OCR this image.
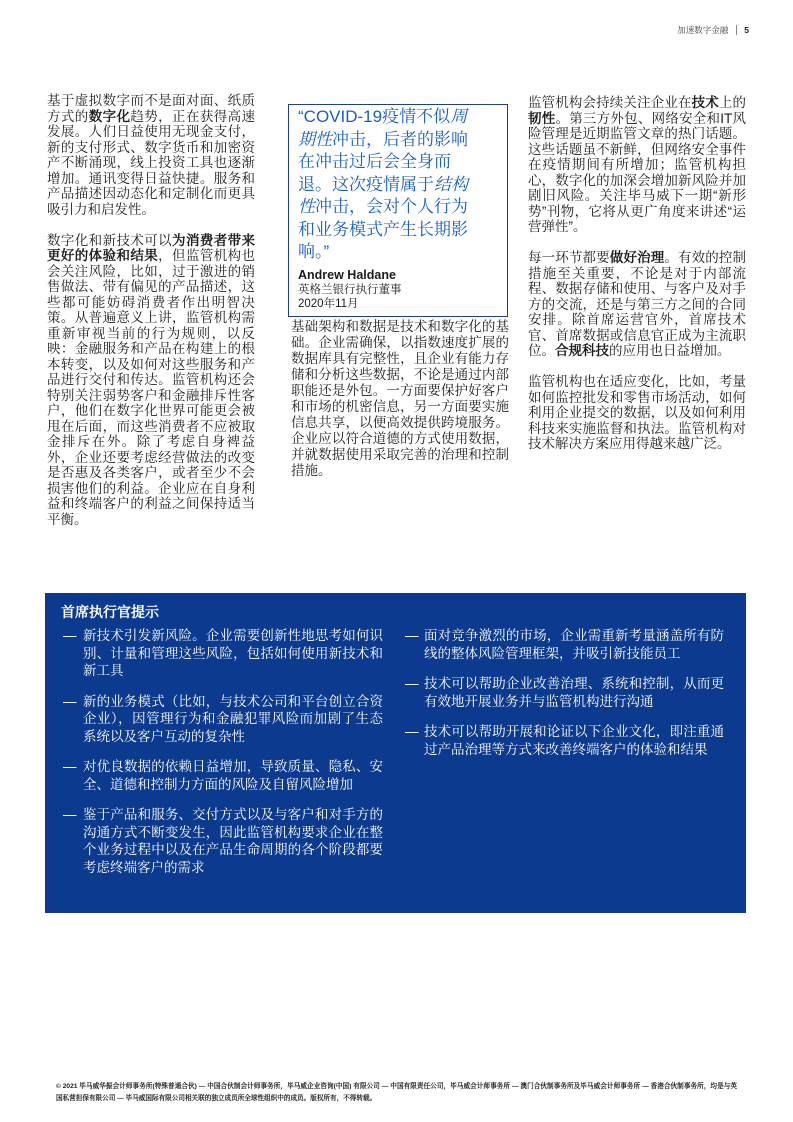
加速数字金融 5

基于虚拟数字而不是面对面、纸质方式的数字化趋势，正在获得高速发展。人们日益使用无现金支付，新的支付形式、数字货币和加密资产不断涌现，线上投资工具也逐渐增加。通讯变得日益快捷。服务和产品描述因动态化和定制化而更具吸引力和启发性。

数字化和新技术可以为消费者带来更好的体验和结果，但监管机构也会关注风险，比如，过于激进的销售做法、带有偏见的产品描述，这些都可能妨碍消费者作出明智决策。从普遍意义上讲，监管机构需重新审视当前的行为规则，以反映：金融服务和产品在构建上的根本转变，以及如何对这些服务和产品进行交付和传达。监管机构还会特别关注弱势客户和金融排斥性客户，他们在数字化世界可能更会被甩在后面，而这些消费者不应被取金排斥在外。除了考虑自身裨益外，企业还要考虑经营做法的改变是否惠及各类客户，或者至少不会损害他们的利益。企业应在自身利益和终端客户的利益之间保持适当平衡。

“COVID-19疫情不似周期性冲击，后者的影响在冲击过后会全身而退。这次疫情属于结构性冲击，会对个人行为和业务模式产生长期影响。”
Andrew Haldane
英格兰银行执行董事
2020年11月

基础架构和数据是技术和数字化的基础。企业需确保，以指数速度扩展的数据库具有完整性，且企业有能力存储和分析这些数据，不论是通过内部职能还是外包。一方面要保护好客户和市场的机密信息，另一方面要实施信息共享，以便高效提供跨境服务。企业应以符合道德的方式使用数据，并就数据使用采取完善的治理和控制措施。

监管机构会持续关注企业在技术上的韧性。第三方外包、网络安全和IT风险管理是近期监管文章的热门话题。这些话题虽不新鲜，但网络安全事件在疫情期间有所增加；监管机构担心，数字化的加深会增加新风险并加剧旧风险。关注毕马威下一期“新形势”刊物，它将从更广角度来讲述“运营弹性”。

每一环节都要做好治理。有效的控制措施至关重要，不论是对于内部流程、数据存储和使用、与客户及对手方的交流，还是与第三方之间的合同安排。除首席运营官外，首席技术官、首席数据或信息官正成为主流职位。合规科技的应用也日益增加。

监管机构也在适应变化，比如，考量如何监控批发和零售市场活动，如何利用企业提交的数据，以及如何利用科技来实施监督和执法。监管机构对技术解决方案应用得越来越广泛。

首席执行官提示
— 新技术引发新风险。企业需要创新性地思考如何识别、计量和管理这些风险，包括如何使用新技术和新工具
— 新的业务模式（比如，与技术公司和平台创立合资企业），因管理行为和金融犯罪风险而加剧了生态系统以及客户互动的复杂性
— 对优良数据的依赖日益增加，导致质量、隐私、安全、道德和控制力方面的风险及自留风险增加
— 鉴于产品和服务、交付方式以及与客户和对手方的沟通方式不断变发生，因此监管机构要求企业在整个业务过程中以及在产品生命周期的各个阶段都要考虑终端客户的需求
— 面对竞争激烈的市场，企业需重新考量涵盖所有防线的整体风险管理框架，并吸引新技能员工
— 技术可以帮助企业改善治理、系统和控制，从而更有效地开展业务并与监管机构进行沟通
— 技术可以帮助开展和论证以下企业文化，即注重通过产品治理等方式来改善终端客户的体验和结果
© 2021 毕马威华振会计师事务所(特殊普通合伙) — 中国合伙制会计师事务所，毕马威企业咨询(中国) 有限公司 — 中国有限责任公司，毕马威会计师事务所 — 澳门合伙制事务所及毕马威会计师事务所 — 香港合伙制事务所，均是与英国私营担保有限公司 — 毕马威国际有限公司相关联的独立成员所全球性组织中的成员。版权所有，不得转载。
